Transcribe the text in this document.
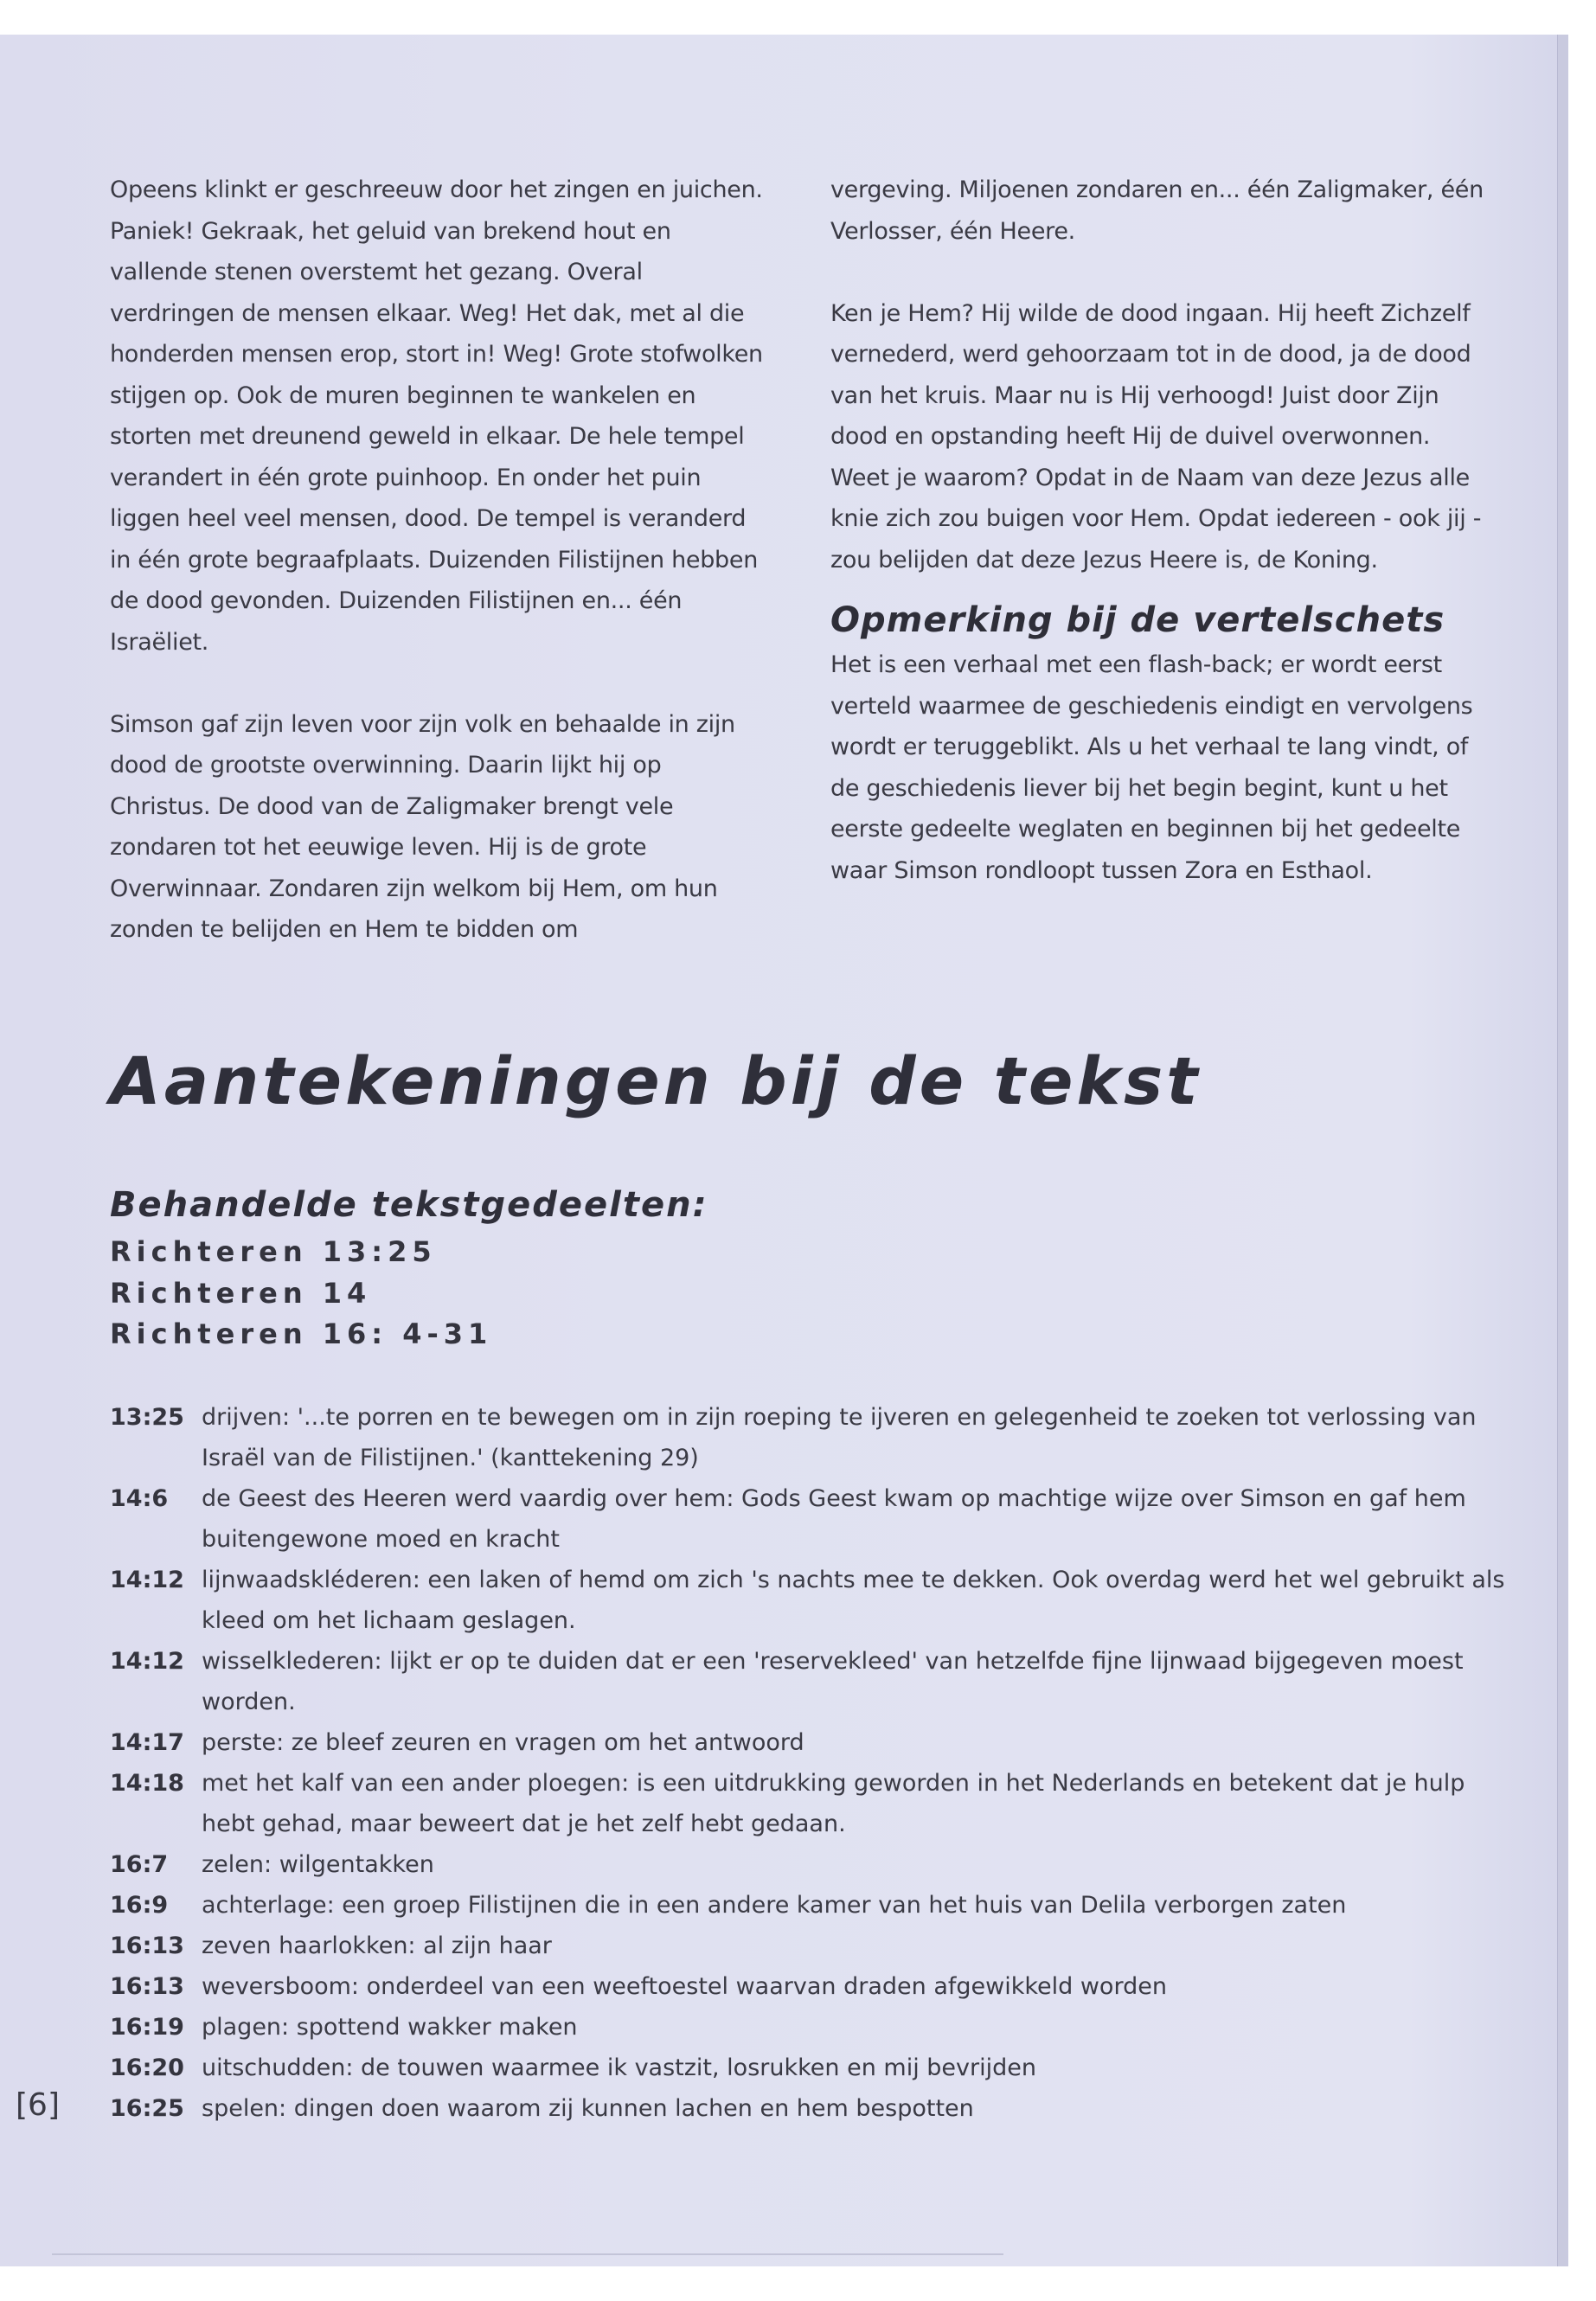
Opeens klinkt er geschreeuw door het zingen en juichen. Paniek! Gekraak, het geluid van brekend hout en vallende stenen overstemt het gezang. Overal verdringen de mensen elkaar. Weg! Het dak, met al die honderden mensen erop, stort in! Weg! Grote stofwolken stijgen op. Ook de muren beginnen te wankelen en storten met dreunend geweld in elkaar. De hele tempel verandert in één grote puinhoop. En onder het puin liggen heel veel mensen, dood. De tempel is veranderd in één grote begraafplaats. Duizenden Filistijnen hebben de dood gevonden. Duizenden Filistijnen en... één Israëliet.

Simson gaf zijn leven voor zijn volk en behaalde in zijn dood de grootste overwinning. Daarin lijkt hij op Christus. De dood van de Zaligmaker brengt vele zondaren tot het eeuwige leven. Hij is de grote Overwinnaar. Zondaren zijn welkom bij Hem, om hun zonden te belijden en Hem te bidden om

vergeving. Miljoenen zondaren en... één Zaligmaker, één Verlosser, één Heere.

Ken je Hem? Hij wilde de dood ingaan. Hij heeft Zichzelf vernederd, werd gehoorzaam tot in de dood, ja de dood van het kruis. Maar nu is Hij verhoogd! Juist door Zijn dood en opstanding heeft Hij de duivel overwonnen. Weet je waarom? Opdat in de Naam van deze Jezus alle knie zich zou buigen voor Hem. Opdat iedereen - ook jij - zou belijden dat deze Jezus Heere is, de Koning.

Opmerking bij de vertelschets

Het is een verhaal met een flash-back; er wordt eerst verteld waarmee de geschiedenis eindigt en vervolgens wordt er teruggeblikt. Als u het verhaal te lang vindt, of de geschiedenis liever bij het begin begint, kunt u het eerste gedeelte weglaten en beginnen bij het gedeelte waar Simson rondloopt tussen Zora en Esthaol.

Aantekeningen bij de tekst
Behandelde tekstgedeelten:
Richteren 13:25
Richteren 14
Richteren 16: 4-31
13:25 drijven: '...te porren en te bewegen om in zijn roeping te ijveren en gelegenheid te zoeken tot verlossing van Israël van de Filistijnen.' (kanttekening 29)
14:6	de Geest des Heeren werd vaardig over hem: Gods Geest kwam op machtige wijze over Simson en gaf hem buitengewone moed en kracht
14:12 lijnwaadskléderen: een laken of hemd om zich 's nachts mee te dekken. Ook overdag werd het wel gebruikt als kleed om het lichaam geslagen.
14:12 wisselklederen: lijkt er op te duiden dat er een 'reservekleed' van hetzelfde fijne lijnwaad bijgegeven moest worden.
14:17 perste: ze bleef zeuren en vragen om het antwoord
14:18 met het kalf van een ander ploegen: is een uitdrukking geworden in het Nederlands en betekent dat je hulp hebt gehad, maar beweert dat je het zelf hebt gedaan.
16:7	zelen: wilgentakken
16:9	achterlage: een groep Filistijnen die in een andere kamer van het huis van Delila verborgen zaten
16:13 zeven haarlokken: al zijn haar
16:13 weversboom: onderdeel van een weeftoestel waarvan draden afgewikkeld worden
16:19 plagen: spottend wakker maken
16:20 uitschudden: de touwen waarmee ik vastzit, losrukken en mij bevrijden
16:25 spelen: dingen doen waarom zij kunnen lachen en hem bespotten
[6]
